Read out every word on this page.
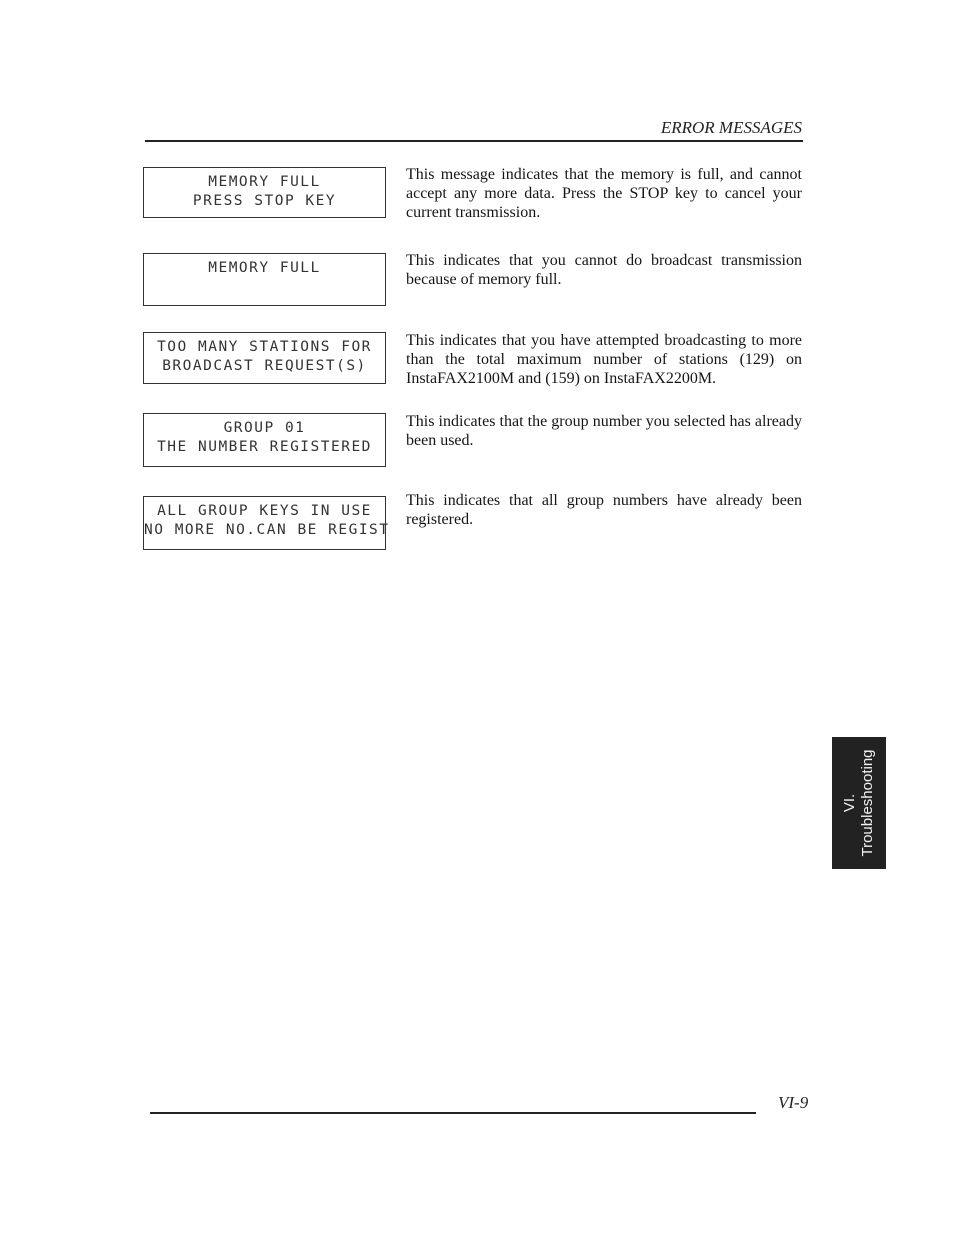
ERROR MESSAGES
MEMORY FULL
PRESS STOP KEY
This message indicates that the memory is full, and cannot accept any more data. Press the STOP key to cancel your current transmission.
MEMORY FULL	This indicates that you cannot do broadcast transmission because of memory full.
TOO MANY STATIONS FOR
BROADCAST REQUEST(S)
This indicates that you have attempted broadcasting to more than the total maximum number of stations (129) on InstaFAX2100M and (159) on InstaFAX2200M.
GROUP 01
THE NUMBER REGISTERED
This indicates that the group number you selected has already been used.
ALL GROUP KEYS IN USE
NO MORE NO.CAN BE REGIST
This indicates that all group numbers have already been registered.
VI. Troubleshooting
VI-9
